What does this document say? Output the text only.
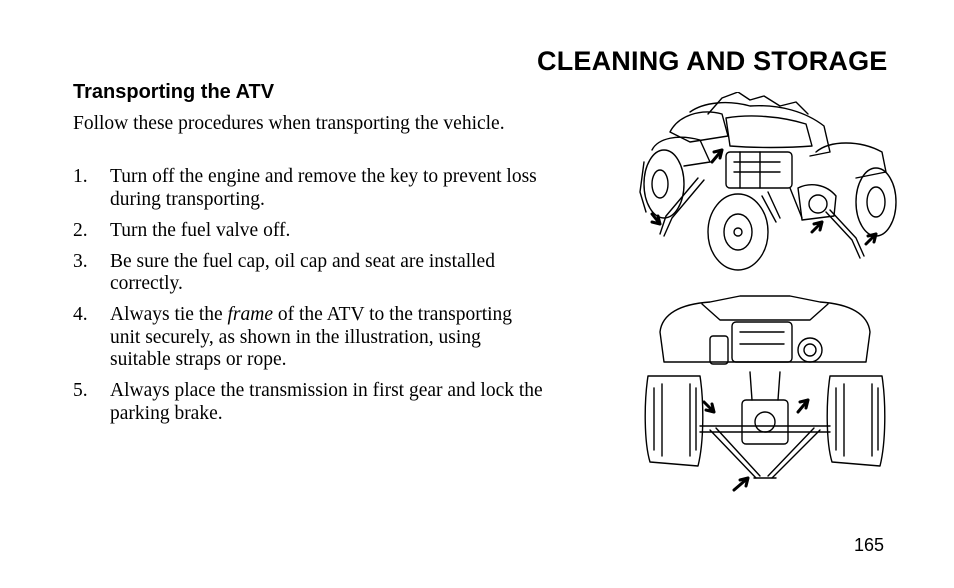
CLEANING AND STORAGE
Transporting the ATV

Follow these procedures when transporting the vehicle.

1.	Turn off the engine and remove the key to prevent loss during transporting.
2.	Turn the fuel valve off.
3.	Be sure the fuel cap, oil cap and seat are installed correctly.
4.	Always tie the frame of the ATV to the transporting unit securely, as shown in the illustration, using suitable straps or rope.
5.	Always place the transmission in first gear and lock the parking brake.

165
